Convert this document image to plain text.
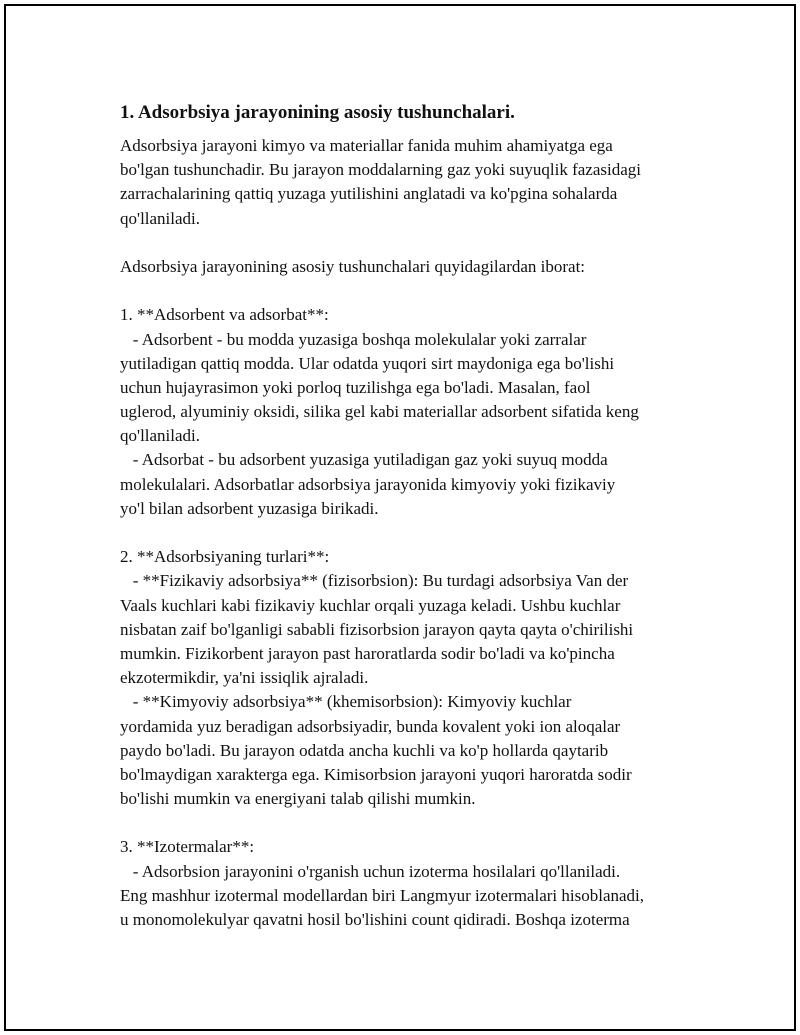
1. Adsorbsiya jarayonining asosiy tushunchalari.
Adsorbsiya jarayoni kimyo va materiallar fanida muhim ahamiyatga ega
bo'lgan tushunchadir. Bu jarayon moddalarning gaz yoki suyuqlik fazasidagi
zarrachalarining qattiq yuzaga yutilishini anglatadi va ko'pgina sohalarda
qo'llaniladi.
Adsorbsiya jarayonining asosiy tushunchalari quyidagilardan iborat:
1. **Adsorbent va adsorbat**:
- Adsorbent - bu modda yuzasiga boshqa molekulalar yoki zarralar
yutiladigan qattiq modda. Ular odatda yuqori sirt maydoniga ega bo'lishi
uchun hujayrasimon yoki porloq tuzilishga ega bo'ladi. Masalan, faol
uglerod, alyuminiy oksidi, silika gel kabi materiallar adsorbent sifatida keng
qo'llaniladi.
- Adsorbat - bu adsorbent yuzasiga yutiladigan gaz yoki suyuq modda
molekulalari. Adsorbatlar adsorbsiya jarayonida kimyoviy yoki fizikaviy
yo'l bilan adsorbent yuzasiga birikadi.
2. **Adsorbsiyaning turlari**:
- **Fizikaviy adsorbsiya** (fizisorbsion): Bu turdagi adsorbsiya Van der
Vaals kuchlari kabi fizikaviy kuchlar orqali yuzaga keladi. Ushbu kuchlar
nisbatan zaif bo'lganligi sababli fizisorbsion jarayon qayta qayta o'chirilishi
mumkin. Fizikorbent jarayon past haroratlarda sodir bo'ladi va ko'pincha
ekzotermikdir, ya'ni issiqlik ajraladi.
- **Kimyoviy adsorbsiya** (khemisorbsion): Kimyoviy kuchlar
yordamida yuz beradigan adsorbsiyadir, bunda kovalent yoki ion aloqalar
paydo bo'ladi. Bu jarayon odatda ancha kuchli va ko'p hollarda qaytarib
bo'lmaydigan xarakterga ega. Kimisorbsion jarayoni yuqori haroratda sodir
bo'lishi mumkin va energiyani talab qilishi mumkin.
3. **Izotermalar**:
- Adsorbsion jarayonini o'rganish uchun izoterma hosilalari qo'llaniladi.
Eng mashhur izotermal modellardan biri Langmyur izotermalari hisoblanadi,
u monomolekulyar qavatni hosil bo'lishini count qidiradi. Boshqa izoterma
